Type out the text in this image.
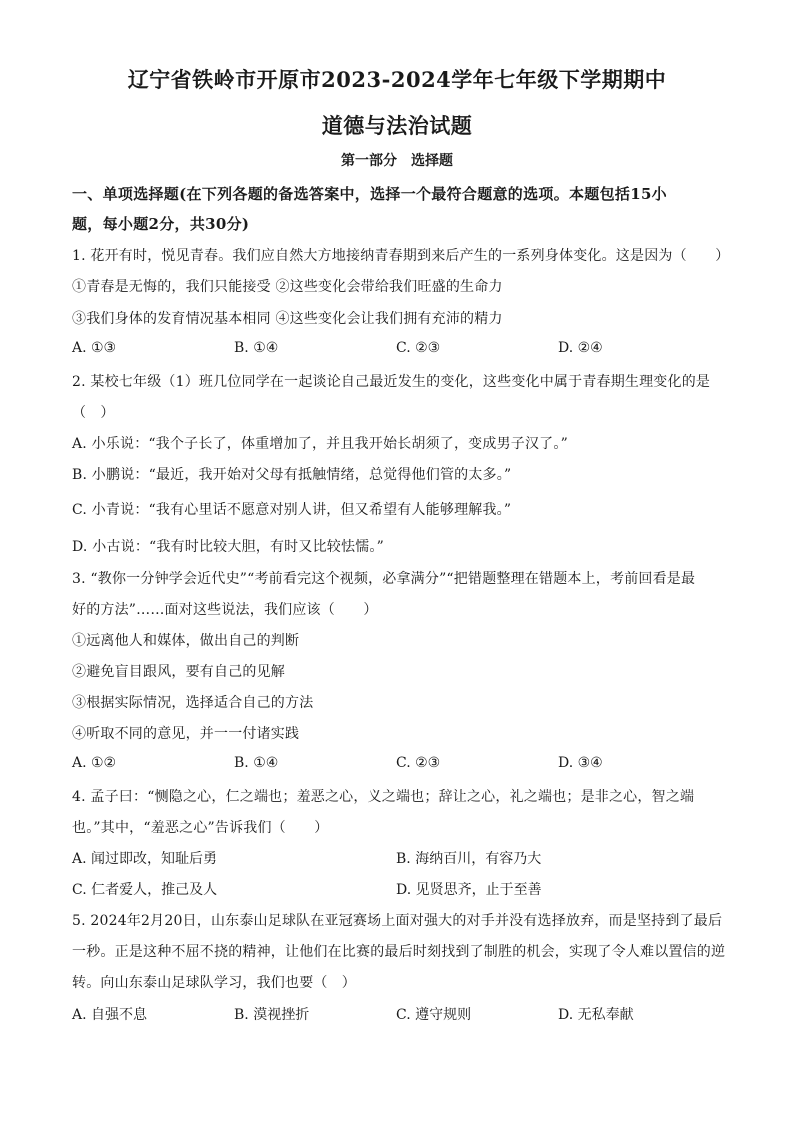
辽宁省铁岭市开原市2023-2024学年七年级下学期期中
道德与法治试题
第一部分　选择题
一、单项选择题(在下列各题的备选答案中，选择一个最符合题意的选项。本题包括15小
题，每小题2分，共30分)
1. 花开有时，悦见青春。我们应自然大方地接纳青春期到来后产生的一系列身体变化。这是因为（　　）
①青春是无悔的，我们只能接受 ②这些变化会带给我们旺盛的生命力
③我们身体的发育情况基本相同 ④这些变化会让我们拥有充沛的精力
A. ①③	B. ①④	C. ②③	D. ②④
2. 某校七年级（1）班几位同学在一起谈论自己最近发生的变化，这些变化中属于青春期生理变化的是
（　）
A. 小乐说：“我个子长了，体重增加了，并且我开始长胡须了，变成男子汉了。”
B. 小鹏说：“最近，我开始对父母有抵触情绪，总觉得他们管的太多。”
C. 小青说：“我有心里话不愿意对别人讲，但又希望有人能够理解我。”
D. 小古说：“我有时比较大胆，有时又比较怯懦。”
3. “教你一分钟学会近代史”“考前看完这个视频，必拿满分”“把错题整理在错题本上，考前回看是最
好的方法”……面对这些说法，我们应该（　　）
①远离他人和媒体，做出自己的判断
②避免盲目跟风，要有自己的见解
③根据实际情况，选择适合自己的方法
④听取不同的意见，并一一付诸实践
A. ①②	B. ①④	C. ②③	D. ③④
4. 孟子曰：“恻隐之心，仁之端也；羞恶之心，义之端也；辞让之心，礼之端也；是非之心，智之端
也。”其中，“羞恶之心”告诉我们（　　）
A. 闻过即改，知耻后勇	B. 海纳百川，有容乃大
C. 仁者爱人，推己及人	D. 见贤思齐，止于至善
5. 2024年2月20日，山东泰山足球队在亚冠赛场上面对强大的对手并没有选择放弃，而是坚持到了最后
一秒。正是这种不屈不挠的精神，让他们在比赛的最后时刻找到了制胜的机会，实现了令人难以置信的逆
转。向山东泰山足球队学习，我们也要（　）
A. 自强不息	B. 漠视挫折	C. 遵守规则	D. 无私奉献
